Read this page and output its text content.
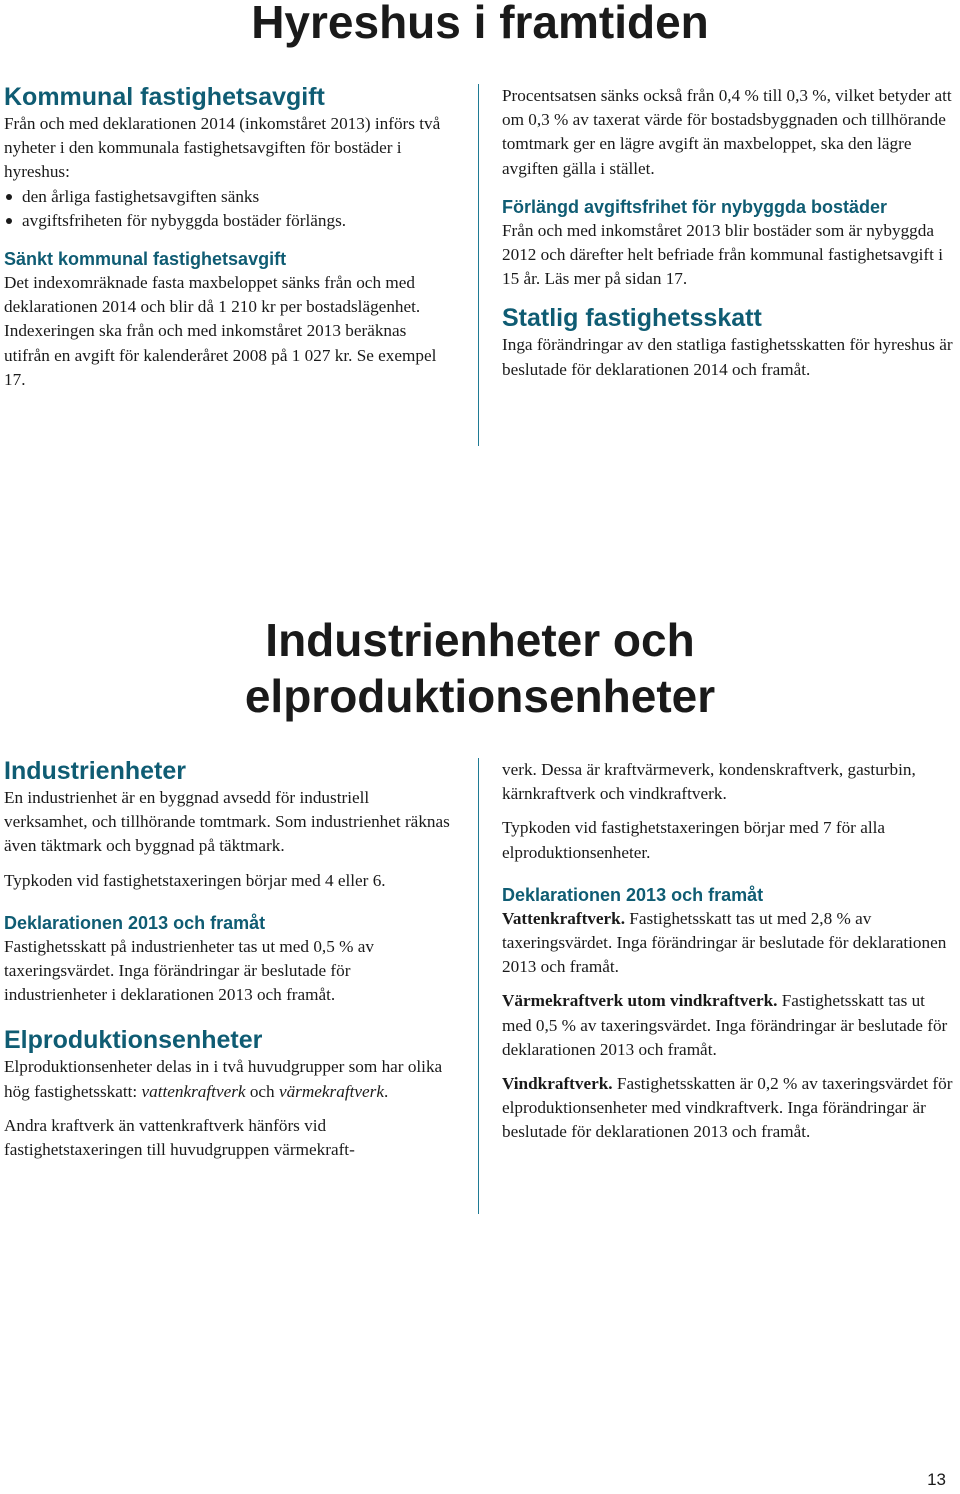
Hyreshus i framtiden
Kommunal fastighetsavgift

Från och med deklarationen 2014 (inkomståret 2013) införs två nyheter i den kommunala fastighetsavgiften för bostäder i hyreshus:

den årliga fastighetsavgiften sänks
avgiftsfriheten för nybyggda bostäder förlängs.
Sänkt kommunal fastighetsavgift

Det indexomräknade fasta maxbeloppet sänks från och med deklarationen 2014 och blir då 1 210 kr per bostadslägenhet. Indexeringen ska från och med inkomståret 2013 beräknas utifrån en avgift för kalenderåret 2008 på 1 027 kr. Se exempel 17.

Procentsatsen sänks också från 0,4 % till 0,3 %, vilket betyder att om 0,3 % av taxerat värde för bostadsbyggnaden och tillhörande tomtmark ger en lägre avgift än maxbeloppet, ska den lägre avgiften gälla i stället.

Förlängd avgiftsfrihet för nybyggda bostäder

Från och med inkomståret 2013 blir bostäder som är nybyggda 2012 och därefter helt befriade från kommunal fastighetsavgift i 15 år. Läs mer på sidan 17.

Statlig fastighetsskatt

Inga förändringar av den statliga fastighetsskatten för hyreshus är beslutade för deklarationen 2014 och framåt.

Industrienheter och
elproduktionsenheter
Industrienheter

En industrienhet är en byggnad avsedd för industriell verksamhet, och tillhörande tomtmark. Som industrienhet räknas även täktmark och byggnad på täktmark.

Typkoden vid fastighetstaxeringen börjar med 4 eller 6.

Deklarationen 2013 och framåt

Fastighetsskatt på industrienheter tas ut med 0,5 % av taxeringsvärdet. Inga förändringar är beslutade för industrienheter i deklarationen 2013 och framåt.

Elproduktionsenheter

Elproduktionsenheter delas in i två huvudgrupper som har olika hög fastighetsskatt: vattenkraftverk och värmekraftverk.

Andra kraftverk än vattenkraftverk hänförs vid fastighetstaxeringen till huvudgruppen värmekraft-

verk. Dessa är kraftvärmeverk, kondenskraftverk, gasturbin, kärnkraftverk och vindkraftverk.

Typkoden vid fastighetstaxeringen börjar med 7 för alla elproduktionsenheter.

Deklarationen 2013 och framåt

Vattenkraftverk. Fastighetsskatt tas ut med 2,8 % av taxeringsvärdet. Inga förändringar är beslutade för deklarationen 2013 och framåt.

Värmekraftverk utom vindkraftverk. Fastighetsskatt tas ut med 0,5 % av taxeringsvärdet. Inga förändringar är beslutade för deklarationen 2013 och framåt.

Vindkraftverk. Fastighetsskatten är 0,2 % av taxeringsvärdet för elproduktionsenheter med vindkraftverk. Inga förändringar är beslutade för deklarationen 2013 och framåt.

13
